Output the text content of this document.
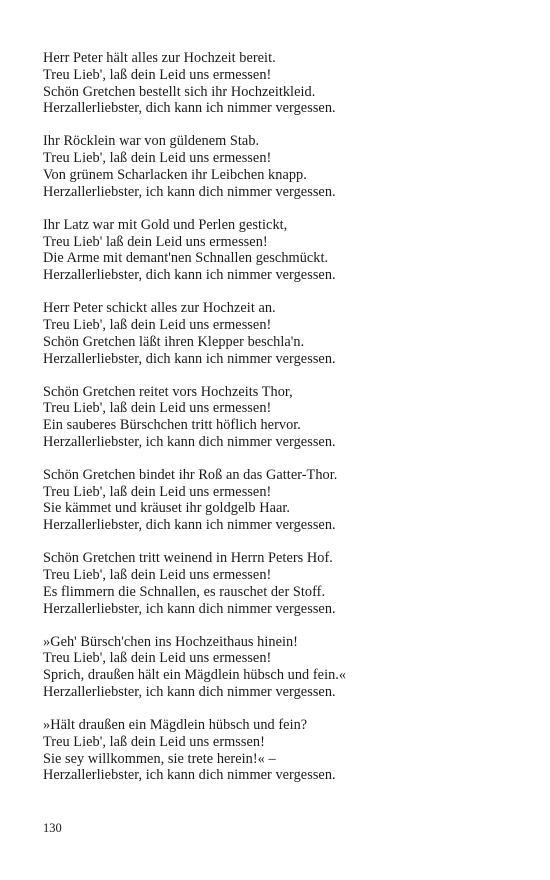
Herr Peter hält alles zur Hochzeit bereit.
Treu Lieb', laß dein Leid uns ermessen!
Schön Gretchen bestellt sich ihr Hochzeitkleid.
Herzallerliebster, dich kann ich nimmer vergessen.
Ihr Röcklein war von güldenem Stab.
Treu Lieb', laß dein Leid uns ermessen!
Von grünem Scharlacken ihr Leibchen knapp.
Herzallerliebster, ich kann dich nimmer vergessen.
Ihr Latz war mit Gold und Perlen gestickt,
Treu Lieb' laß dein Leid uns ermessen!
Die Arme mit demant'nen Schnallen geschmückt.
Herzallerliebster, dich kann ich nimmer vergessen.
Herr Peter schickt alles zur Hochzeit an.
Treu Lieb', laß dein Leid uns ermessen!
Schön Gretchen läßt ihren Klepper beschla'n.
Herzallerliebster, dich kann ich nimmer vergessen.
Schön Gretchen reitet vors Hochzeits Thor,
Treu Lieb', laß dein Leid uns ermessen!
Ein sauberes Bürschchen tritt höflich hervor.
Herzallerliebster, ich kann dich nimmer vergessen.
Schön Gretchen bindet ihr Roß an das Gatter-Thor.
Treu Lieb', laß dein Leid uns ermessen!
Sie kämmet und kräuset ihr goldgelb Haar.
Herzallerliebster, dich kann ich nimmer vergessen.
Schön Gretchen tritt weinend in Herrn Peters Hof.
Treu Lieb', laß dein Leid uns ermessen!
Es flimmern die Schnallen, es rauschet der Stoff.
Herzallerliebster, ich kann dich nimmer vergessen.
»Geh' Bürsch'chen ins Hochzeithaus hinein!
Treu Lieb', laß dein Leid uns ermessen!
Sprich, draußen hält ein Mägdlein hübsch und fein.«
Herzallerliebster, ich kann dich nimmer vergessen.
»Hält draußen ein Mägdlein hübsch und fein?
Treu Lieb', laß dein Leid uns ermssen!
Sie sey willkommen, sie trete herein!« –
Herzallerliebster, ich kann dich nimmer vergessen.
130
